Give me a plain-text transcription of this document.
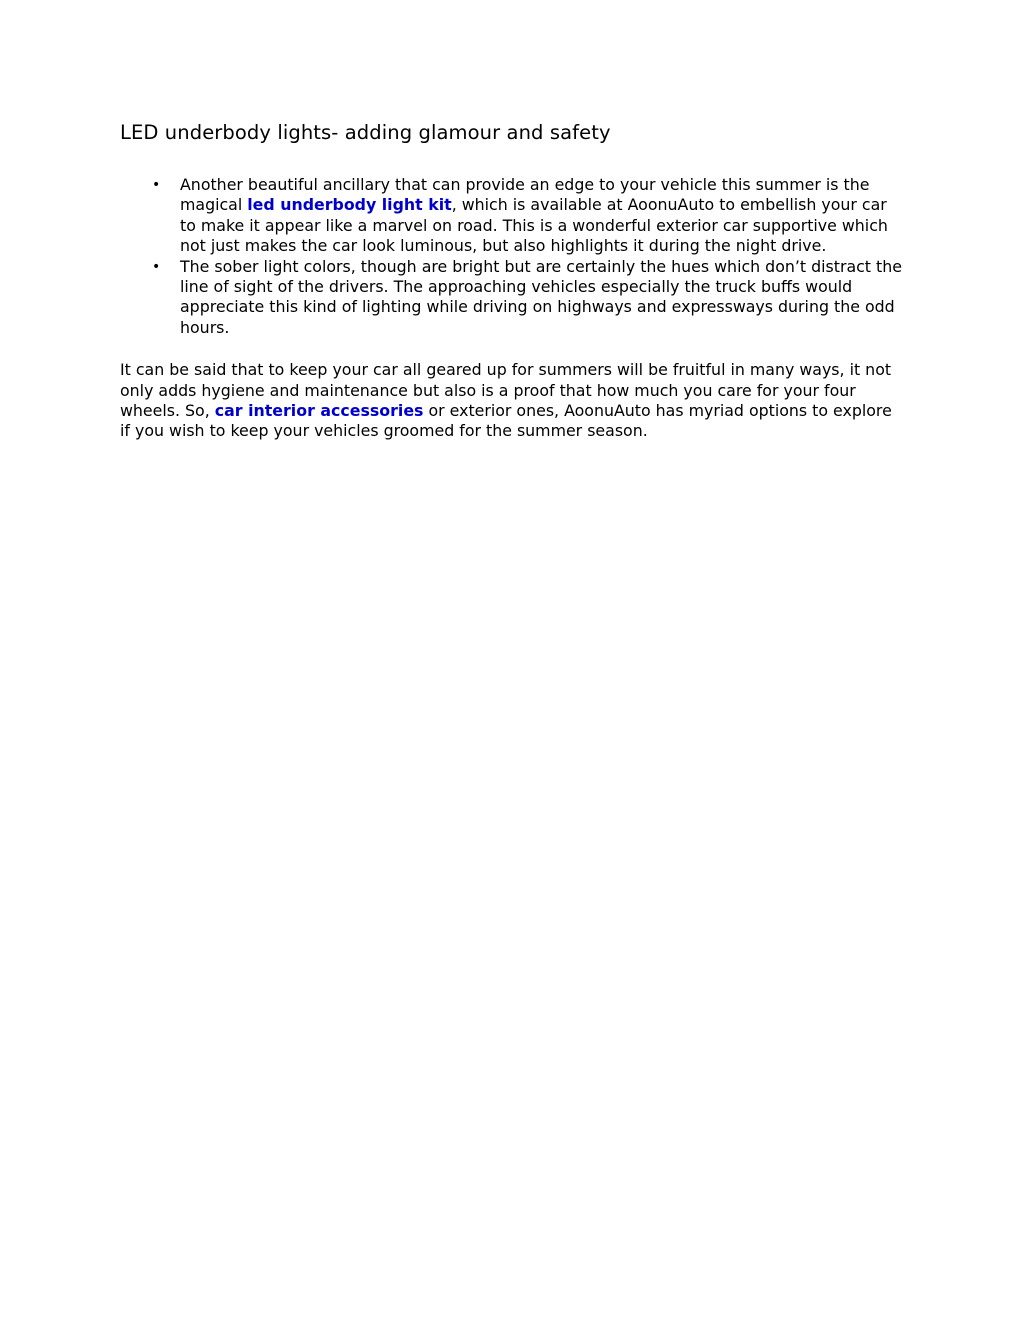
LED underbody lights- adding glamour and safety
• Another beautiful ancillary that can provide an edge to your vehicle this summer is the magical led underbody light kit, which is available at AoonuAuto to embellish your car to make it appear like a marvel on road. This is a wonderful exterior car supportive which not just makes the car look luminous, but also highlights it during the night drive.
• The sober light colors, though are bright but are certainly the hues which don’t distract the line of sight of the drivers. The approaching vehicles especially the truck buffs would appreciate this kind of lighting while driving on highways and expressways during the odd hours.

It can be said that to keep your car all geared up for summers will be fruitful in many ways, it not only adds hygiene and maintenance but also is a proof that how much you care for your four wheels. So, car interior accessories or exterior ones, AoonuAuto has myriad options to explore if you wish to keep your vehicles groomed for the summer season.
